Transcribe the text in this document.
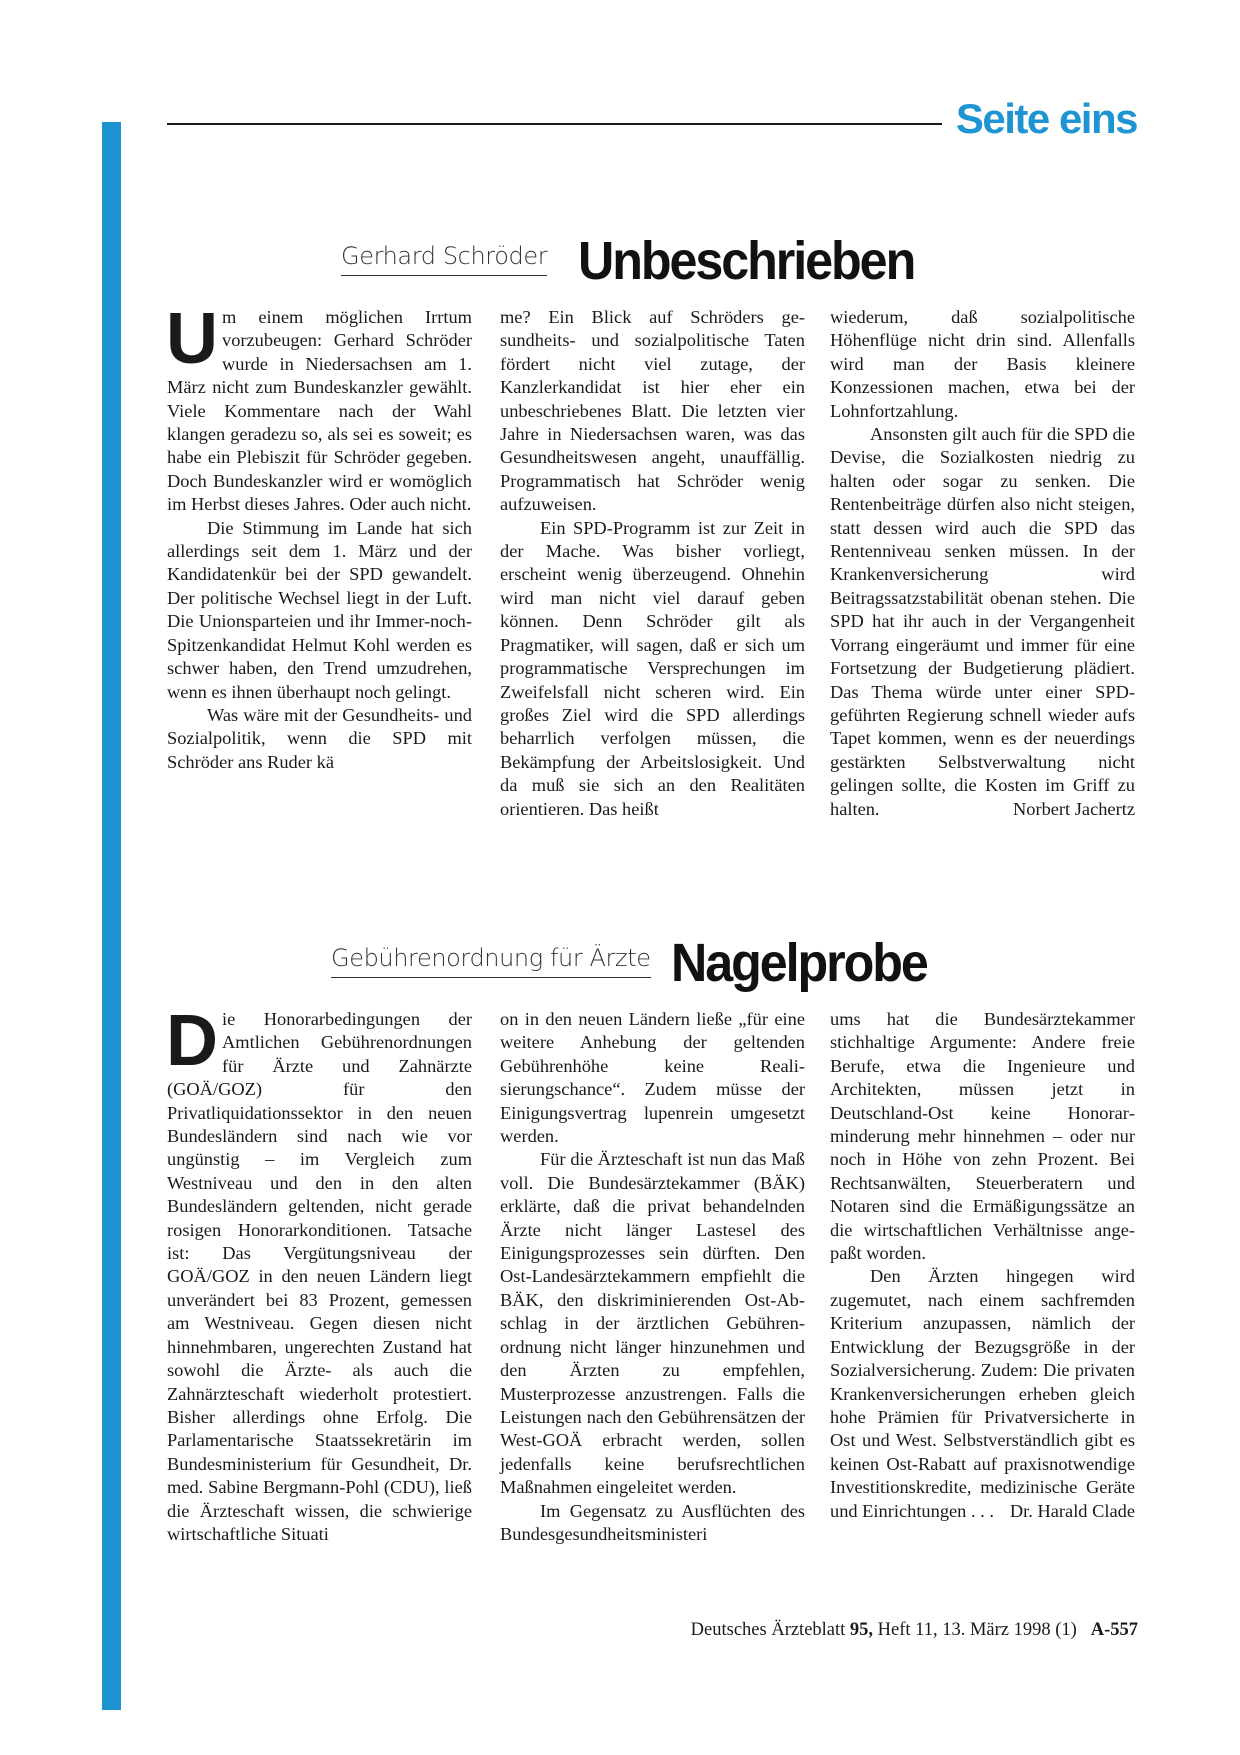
Seite eins
Gerhard Schröder Unbeschrieben
U m einem möglichen Irrtum vorzubeugen: Gerhard Schröder wurde in Niedersachsen am 1. März nicht zum Bundeskanzler gewählt. Viele Kommentare nach der Wahl klangen geradezu so, als sei es soweit; es habe ein Plebiszit für Schröder gegeben. Doch Bundeskanzler wird er womöglich im Herbst dieses Jahres. Oder auch nicht.

Die Stimmung im Lande hat sich allerdings seit dem 1. März und der Kandidatenkür bei der SPD gewandelt. Der politische Wechsel liegt in der Luft. Die Unionsparteien und ihr Immer-noch-Spitzenkandidat Helmut Kohl werden es schwer haben, den Trend umzudrehen, wenn es ihnen überhaupt noch gelingt.

Was wäre mit der Gesundheits- und Sozialpolitik, wenn die SPD mit Schröder ans Ruder kä

me? Ein Blick auf Schröders gesundheits- und sozialpolitische Taten fördert nicht viel zutage, der Kanzlerkandidat ist hier eher ein unbeschriebenes Blatt. Die letzten vier Jahre in Niedersachsen waren, was das Gesundheitswesen angeht, unauffällig. Programmatisch hat Schröder wenig aufzuweisen.

Ein SPD-Programm ist zur Zeit in der Mache. Was bisher vorliegt, erscheint wenig überzeugend. Ohnehin wird man nicht viel darauf geben können. Denn Schröder gilt als Pragmatiker, will sagen, daß er sich um programmatische Versprechungen im Zweifelsfall nicht scheren wird. Ein großes Ziel wird die SPD allerdings beharrlich verfolgen müssen, die Bekämpfung der Arbeitslosigkeit. Und da muß sie sich an den Realitäten orientieren. Das heißt

wiederum, daß sozialpolitische Höhenflüge nicht drin sind. Allenfalls wird man der Basis kleinere Konzessionen machen, etwa bei der Lohnfortzahlung.

Ansonsten gilt auch für die SPD die Devise, die Sozialkosten niedrig zu halten oder sogar zu senken. Die Rentenbeiträge dürfen also nicht steigen, statt dessen wird auch die SPD das Rentenniveau senken müssen. In der Krankenversicherung wird Beitragssatzstabilität obenan stehen. Die SPD hat ihr auch in der Vergangenheit Vorrang eingeräumt und immer für eine Fortsetzung der Budgetierung plädiert. Das Thema würde unter einer SPD-geführten Regierung schnell wieder aufs Tapet kommen, wenn es der neuerdings gestärkten Selbstverwaltung nicht gelingen sollte, die Kosten im Griff zu halten.	Norbert Jachertz
Gebührenordnung für Ärzte Nagelprobe
D ie Honorarbedingungen der Amtlichen Gebührenordnungen für Ärzte und Zahnärzte (GOÄ/GOZ) für den Privatliquidationssektor in den neuen Bundesländern sind nach wie vor ungünstig – im Vergleich zum Westniveau und den in den alten Bundesländern geltenden, nicht gerade rosigen Honorarkonditionen. Tatsache ist: Das Vergütungsniveau der GOÄ/GOZ in den neuen Ländern liegt unverändert bei 83 Prozent, gemessen am Westniveau. Gegen diesen nicht hinnehmbaren, ungerechten Zustand hat sowohl die Ärzte- als auch die Zahnärzteschaft wiederholt protestiert. Bisher allerdings ohne Erfolg. Die Parlamentarische Staatssekretärin im Bundesministerium für Gesundheit, Dr. med. Sabine Bergmann-Pohl (CDU), ließ die Ärzteschaft wissen, die schwierige wirtschaftliche Situati

on in den neuen Ländern ließe „für eine weitere Anhebung der geltenden Gebührenhöhe keine Realisierungschance“. Zudem müsse der Einigungsvertrag lupenrein umgesetzt werden.

Für die Ärzteschaft ist nun das Maß voll. Die Bundesärztekammer (BÄK) erklärte, daß die privat behandelnden Ärzte nicht länger Lastesel des Einigungsprozesses sein dürften. Den Ost-Landesärztekammern empfiehlt die BÄK, den diskriminierenden Ost-Abschlag in der ärztlichen Gebührenordnung nicht länger hinzunehmen und den Ärzten zu empfehlen, Musterprozesse anzustrengen. Falls die Leistungen nach den Gebührensätzen der West-GOÄ erbracht werden, sollen jedenfalls keine berufsrechtlichen Maßnahmen eingeleitet werden.

Im Gegensatz zu Ausflüchten des Bundesgesundheitsministeri

ums hat die Bundesärztekammer stichhaltige Argumente: Andere freie Berufe, etwa die Ingenieure und Architekten, müssen jetzt in Deutschland-Ost keine Honorarminderung mehr hinnehmen – oder nur noch in Höhe von zehn Prozent. Bei Rechtsanwälten, Steuerberatern und Notaren sind die Ermäßigungssätze an die wirtschaftlichen Verhältnisse angepaßt worden.

Den Ärzten hingegen wird zugemutet, nach einem sachfremden Kriterium anzupassen, nämlich der Entwicklung der Bezugsgröße in der Sozialversicherung. Zudem: Die privaten Krankenversicherungen erheben gleich hohe Prämien für Privatversicherte in Ost und West. Selbstverständlich gibt es keinen Ost-Rabatt auf praxisnotwendige Investitionskredite, medizinische Geräte und Einrichtungen . . . Dr. Harald Clade
Deutsches Ärzteblatt 95, Heft 11, 13. März 1998 (1) A-557
